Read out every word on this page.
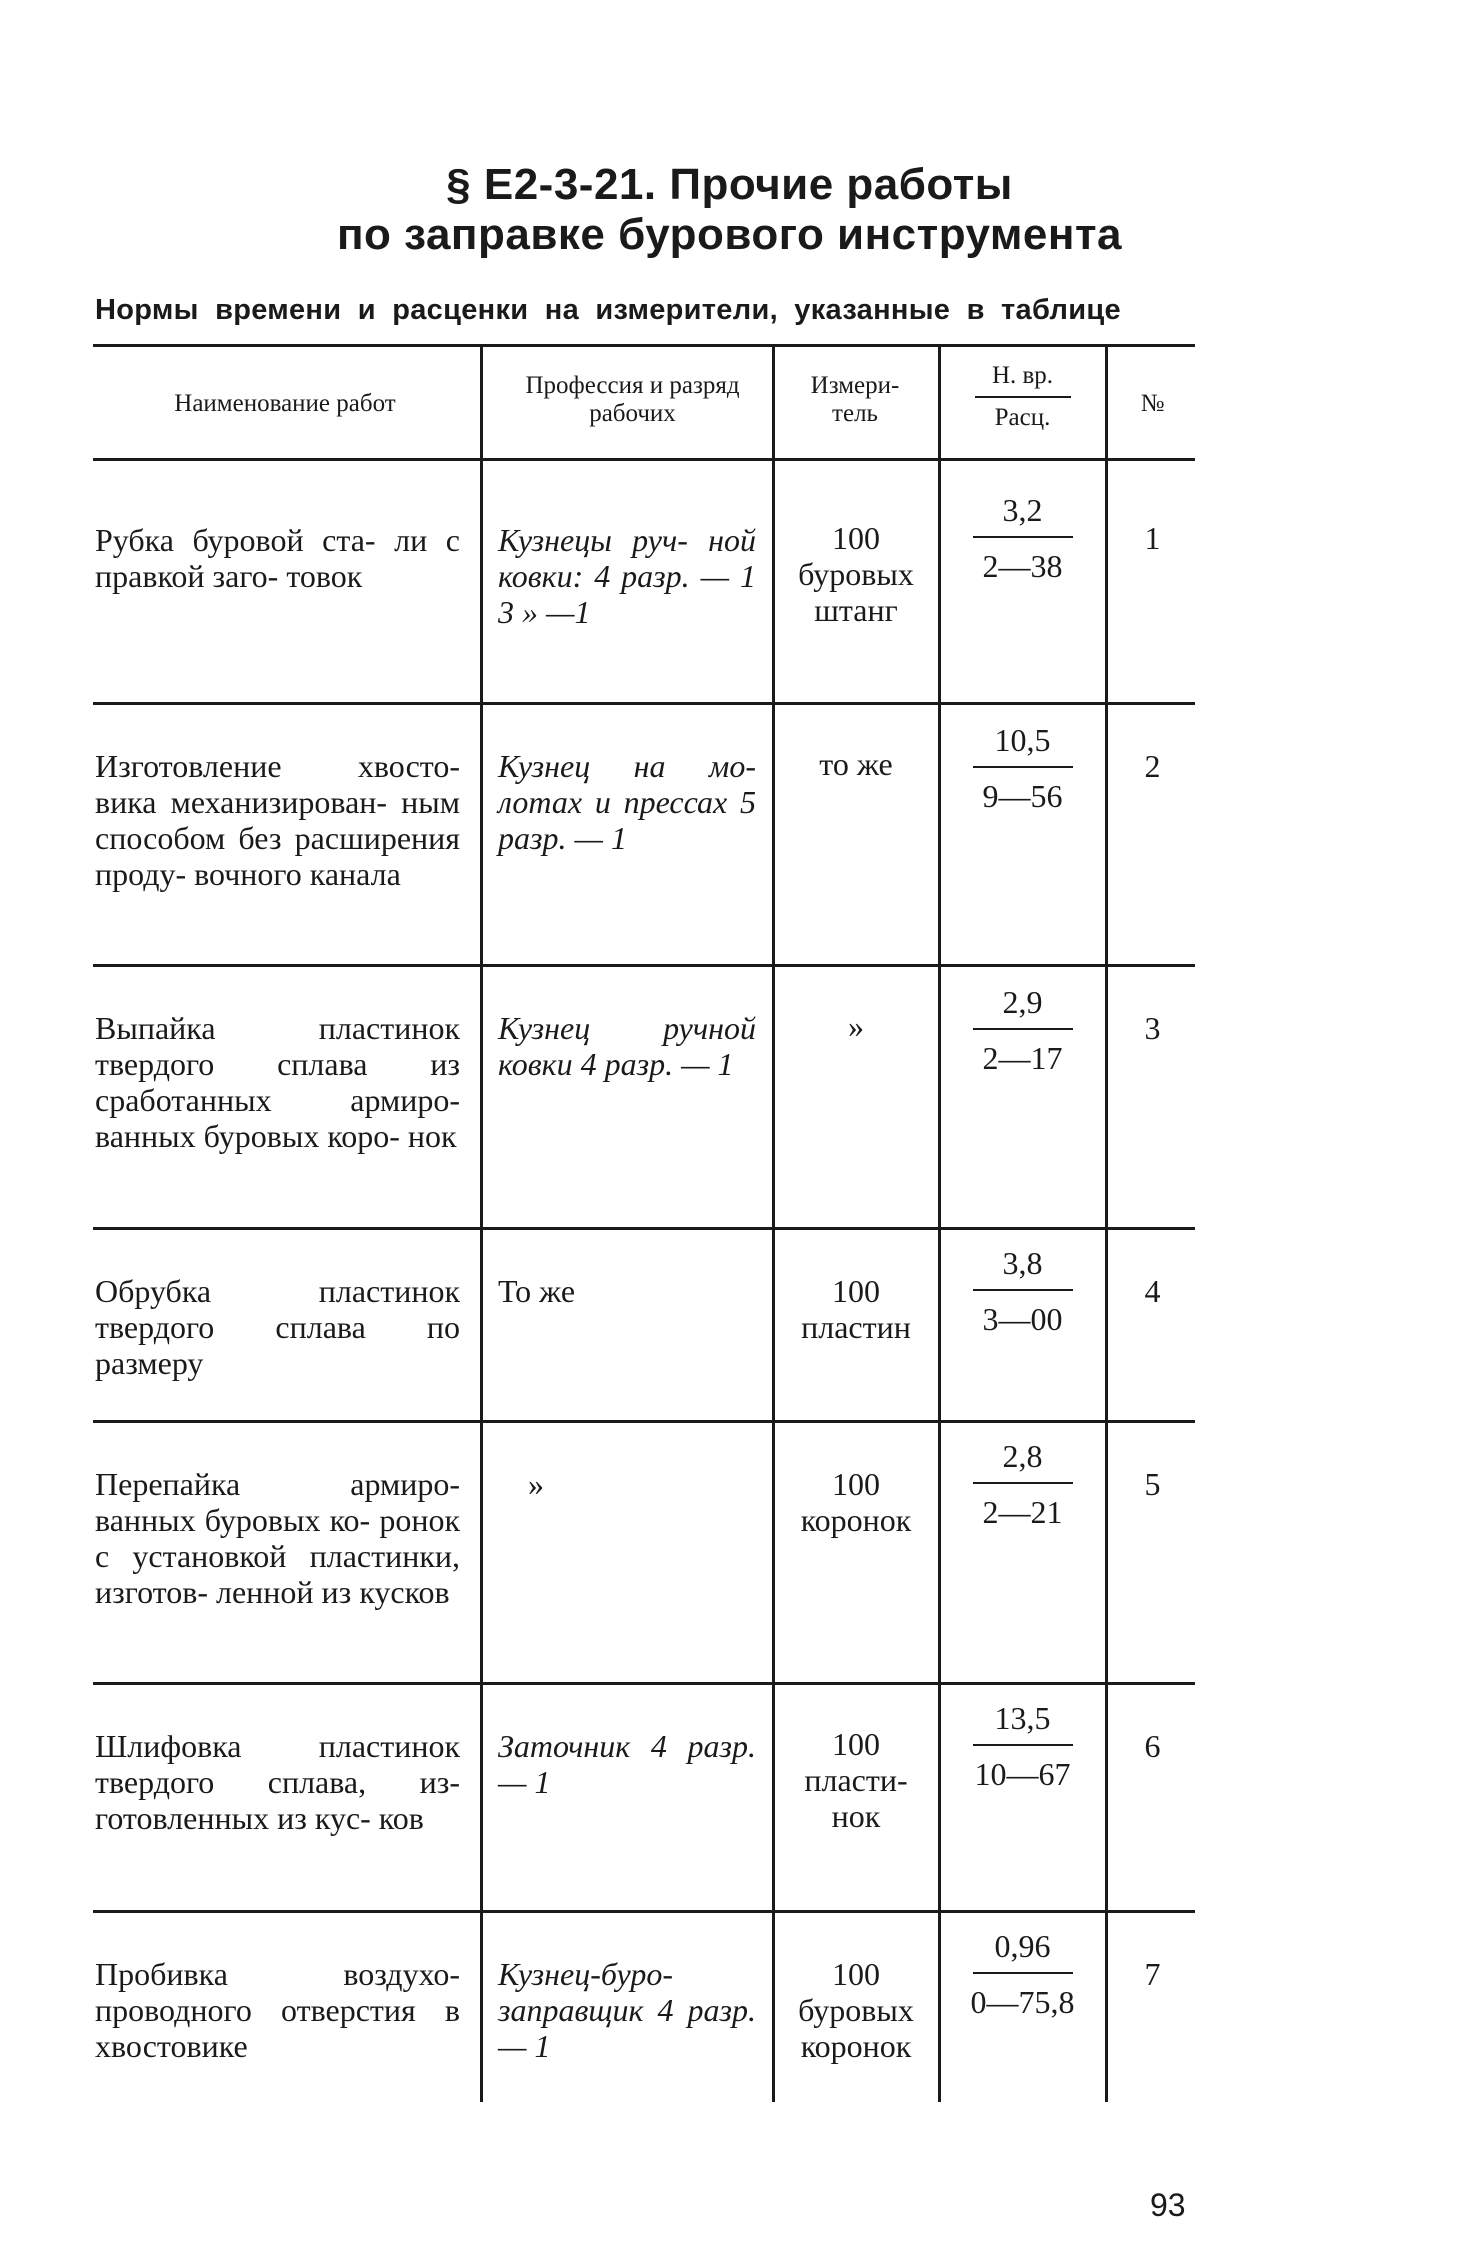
§ Е2-3-21. Прочие работы
по заправке бурового инструмента
Нормы времени и расценки на измерители, указанные в таблице
Наименование работ
Профессия и разряд рабочих
Измери- тель
Н. вр.
Расц.
№
Рубка буровой ста- ли с правкой заго- товок
Кузнецы руч- ной ковки: 4 разр. — 1 3 » —1
100 буровых штанг
3,2
2—38
1
Изготовление хвосто- вика механизирован- ным способом без расширения проду- вочного канала
Кузнец на мо- лотах и прессах 5 разр. — 1
то же
10,5
9—56
2
Выпайка пластинок твердого сплава из сработанных армиро- ванных буровых коро- нок
Кузнец ручной ковки 4 разр. — 1
»
2,9
2—17
3
Обрубка пластинок твердого сплава по размеру
То же	100 пластин
3,8
3—00
4
Перепайка армиро- ванных буровых ко- ронок с установкой пластинки, изготов- ленной из кусков
»	100 коронок
2,8
2—21
5
Шлифовка пластинок твердого сплава, из- готовленных из кус- ков
Заточник 4 разр. — 1
100 пласти- нок
13,5
10—67
6
Пробивка воздухо- проводного отверстия в хвостовике
Кузнец-буро- заправщик 4 разр. — 1
100 буровых коронок
0,96
0—75,8
7
93
